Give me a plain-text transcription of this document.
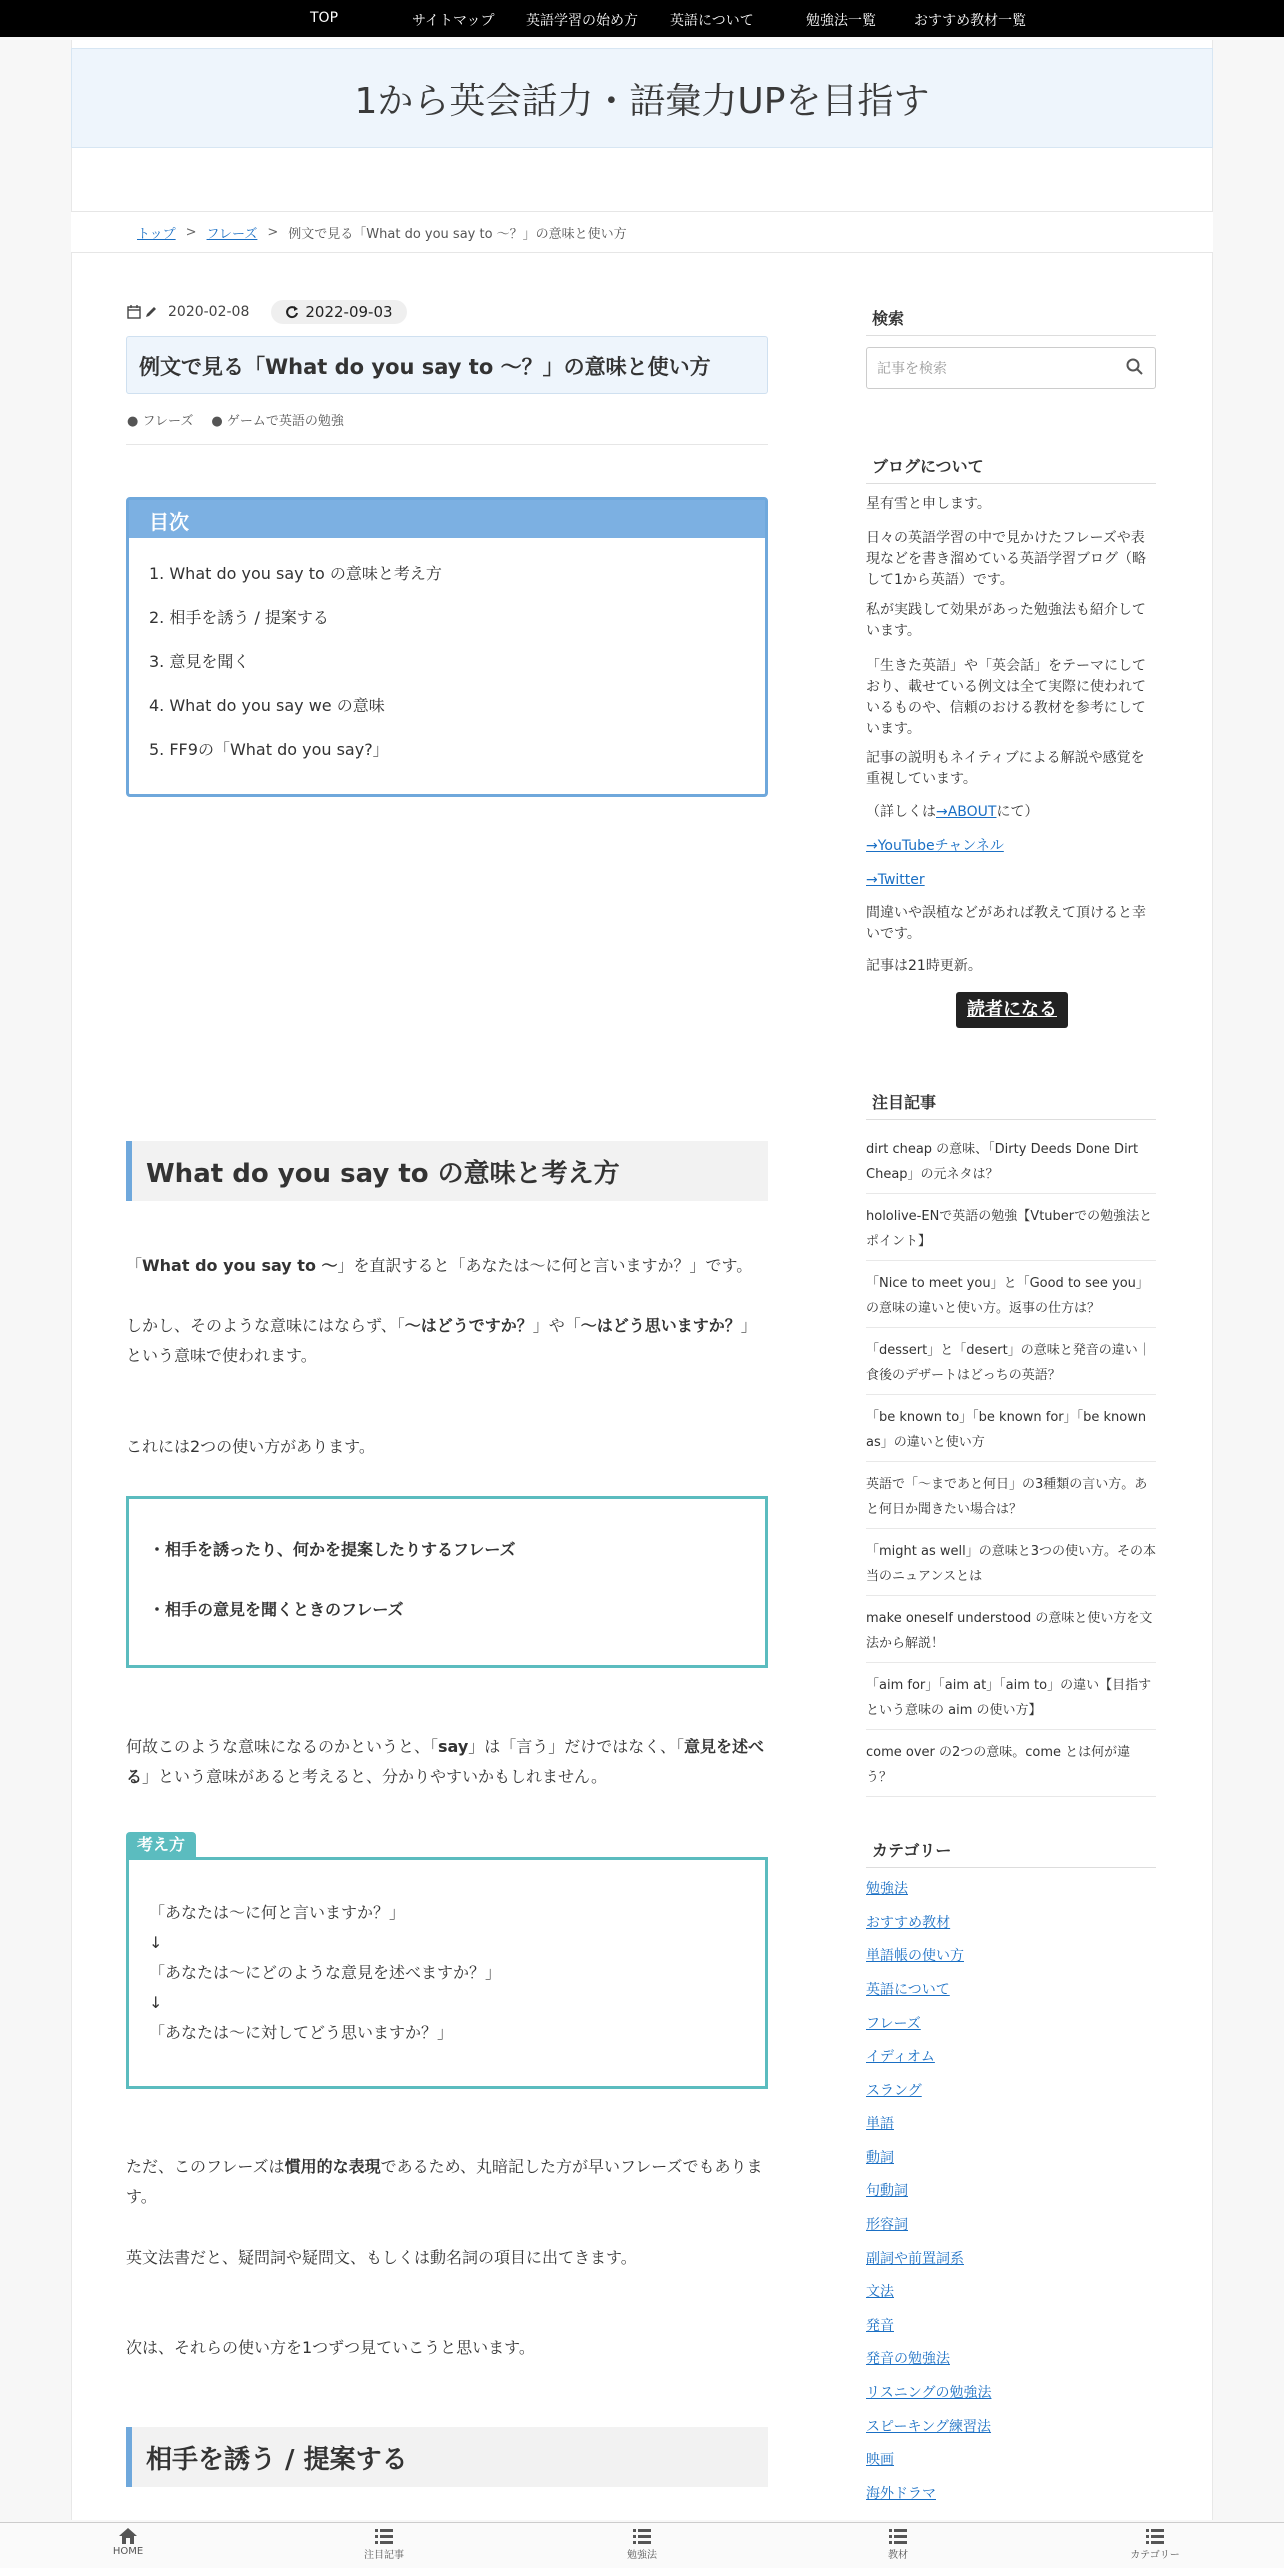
TOP	サイトマップ 英語学習の始め方 英語について	勉強法一覧	おすすめ教材一覧
1から英会話力・語彙力UPを目指す
トップ > フレーズ > 例文で見る「What do you say to ～？」の意味と使い方
2020-02-08	2022-09-03
例文で見る「What do you say to ～？」の意味と使い方
● フレーズ ● ゲームで英語の勉強
目次
1. What do you say to の意味と考え方
2. 相手を誘う / 提案する
3. 意見を聞く
4. What do you say we の意味
5. FF9の「What do you say?」
What do you say to の意味と考え方
「What do you say to ～」を直訳すると「あなたは～に何と言いますか？」です。
しかし、そのような意味にはならず、「～はどうですか？」や「～はどう思いますか？」という意味で使われます。
これには2つの使い方があります。
・相手を誘ったり、何かを提案したりするフレーズ
・相手の意見を聞くときのフレーズ
何故このような意味になるのかというと、「say」は「言う」だけではなく、「意見を述べる」という意味があると考えると、分かりやすいかもしれません。
考え方
「あなたは～に何と言いますか？」
↓
「あなたは～にどのような意見を述べますか？」
↓
「あなたは～に対してどう思いますか？」
ただ、このフレーズは慣用的な表現であるため、丸暗記した方が早いフレーズでもあります。
英文法書だと、疑問詞や疑問文、もしくは動名詞の項目に出てきます。
次は、それらの使い方を1つずつ見ていこうと思います。
相手を誘う / 提案する
検索
記事を検索
ブログについて

星有雪と申します。

日々の英語学習の中で見かけたフレーズや表現などを書き溜めている英語学習ブログ（略して1から英語）です。

私が実践して効果があった勉強法も紹介しています。

「生きた英語」や「英会話」をテーマにしており、載せている例文は全て実際に使われているものや、信頼のおける教材を参考にしています。

記事の説明もネイティブによる解説や感覚を重視しています。

（詳しくは→ABOUTにて）

→YouTubeチャンネル

→Twitter

間違いや誤植などがあれば教えて頂けると幸いです。

記事は21時更新。

読者になる
注目記事
dirt cheap の意味、「Dirty Deeds Done Dirt Cheap」の元ネタは？
hololive-ENで英語の勉強【Vtuberでの勉強法とポイント】
「Nice to meet you」と「Good to see you」の意味の違いと使い方。返事の仕方は？
「dessert」と「desert」の意味と発音の違い｜食後のデザートはどっちの英語？
「be known to」「be known for」「be known as」の違いと使い方
英語で「～まであと何日」の3種類の言い方。あと何日か聞きたい場合は？
「might as well」の意味と3つの使い方。その本当のニュアンスとは
make oneself understood の意味と使い方を文法から解説！
「aim for」「aim at」「aim to」の違い【目指すという意味の aim の使い方】
come over の2つの意味。come とは何が違う？
カテゴリー
勉強法
おすすめ教材
単語帳の使い方
英語について
フレーズ
イディオム
スラング
単語
動詞
句動詞
形容詞
副詞や前置詞系
文法
発音
発音の勉強法
リスニングの勉強法
スピーキング練習法
映画
海外ドラマ
HOME	注目記事	勉強法	教材	カテゴリー
